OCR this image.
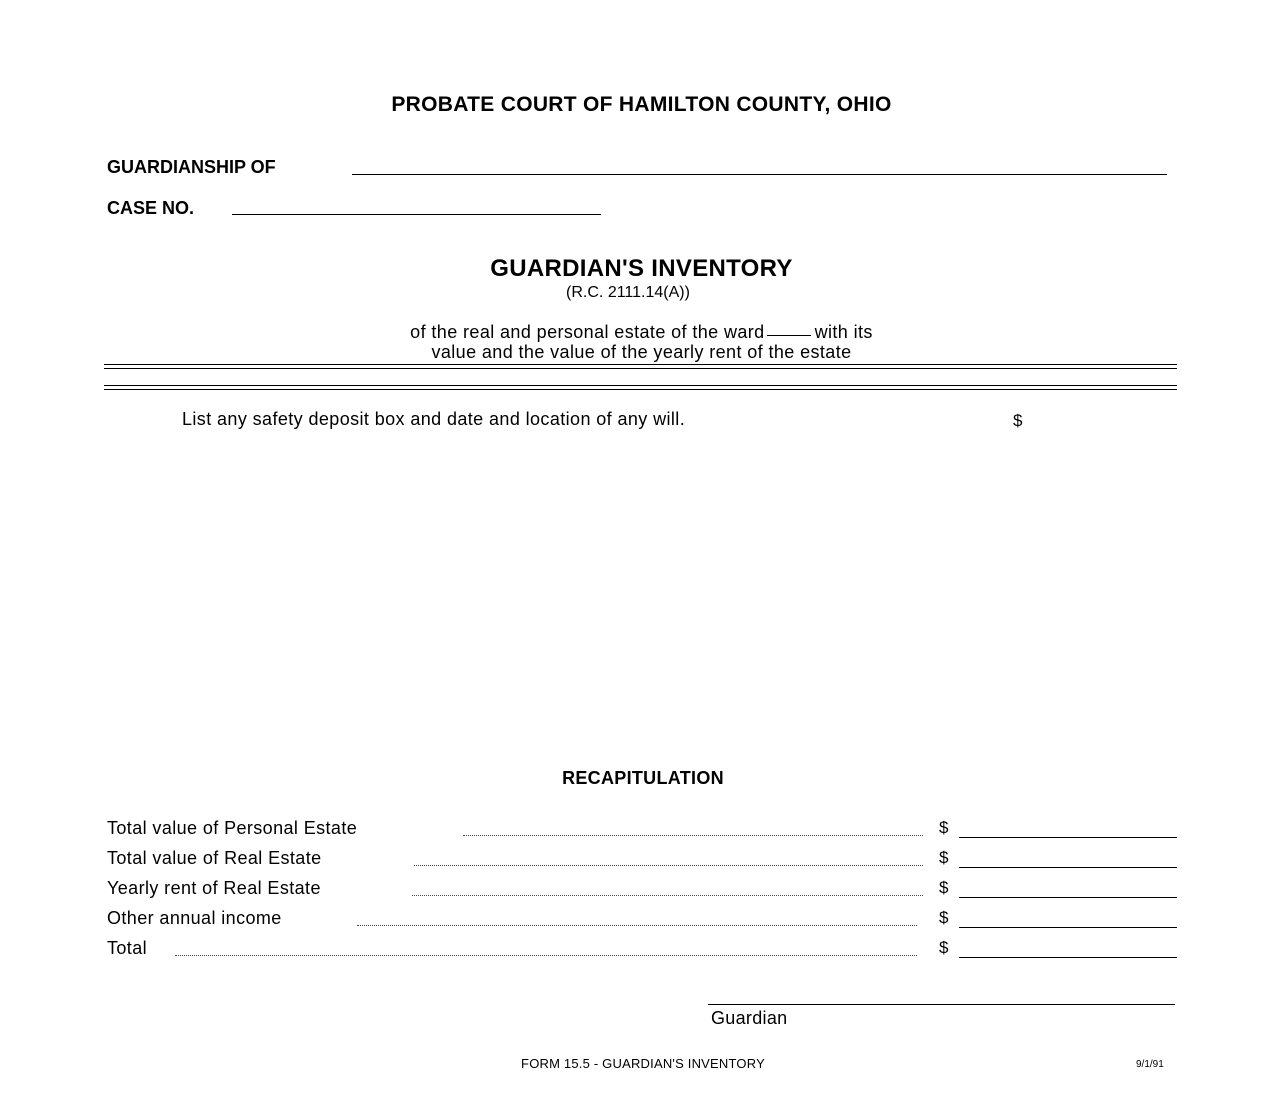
PROBATE COURT OF HAMILTON COUNTY, OHIO
GUARDIANSHIP OF
CASE NO.
GUARDIAN'S INVENTORY
(R.C. 2111.14(A))
of the real and personal estate of the ward	with its
value and the value of the yearly rent of the estate
List any safety deposit box and date and location of any will.	$
RECAPITULATION
Total value of Personal Estate	$
Total value of Real Estate	$
Yearly rent of Real Estate	$
Other annual income	$
Total	$
Guardian
FORM 15.5 - GUARDIAN'S INVENTORY	9/1/91
